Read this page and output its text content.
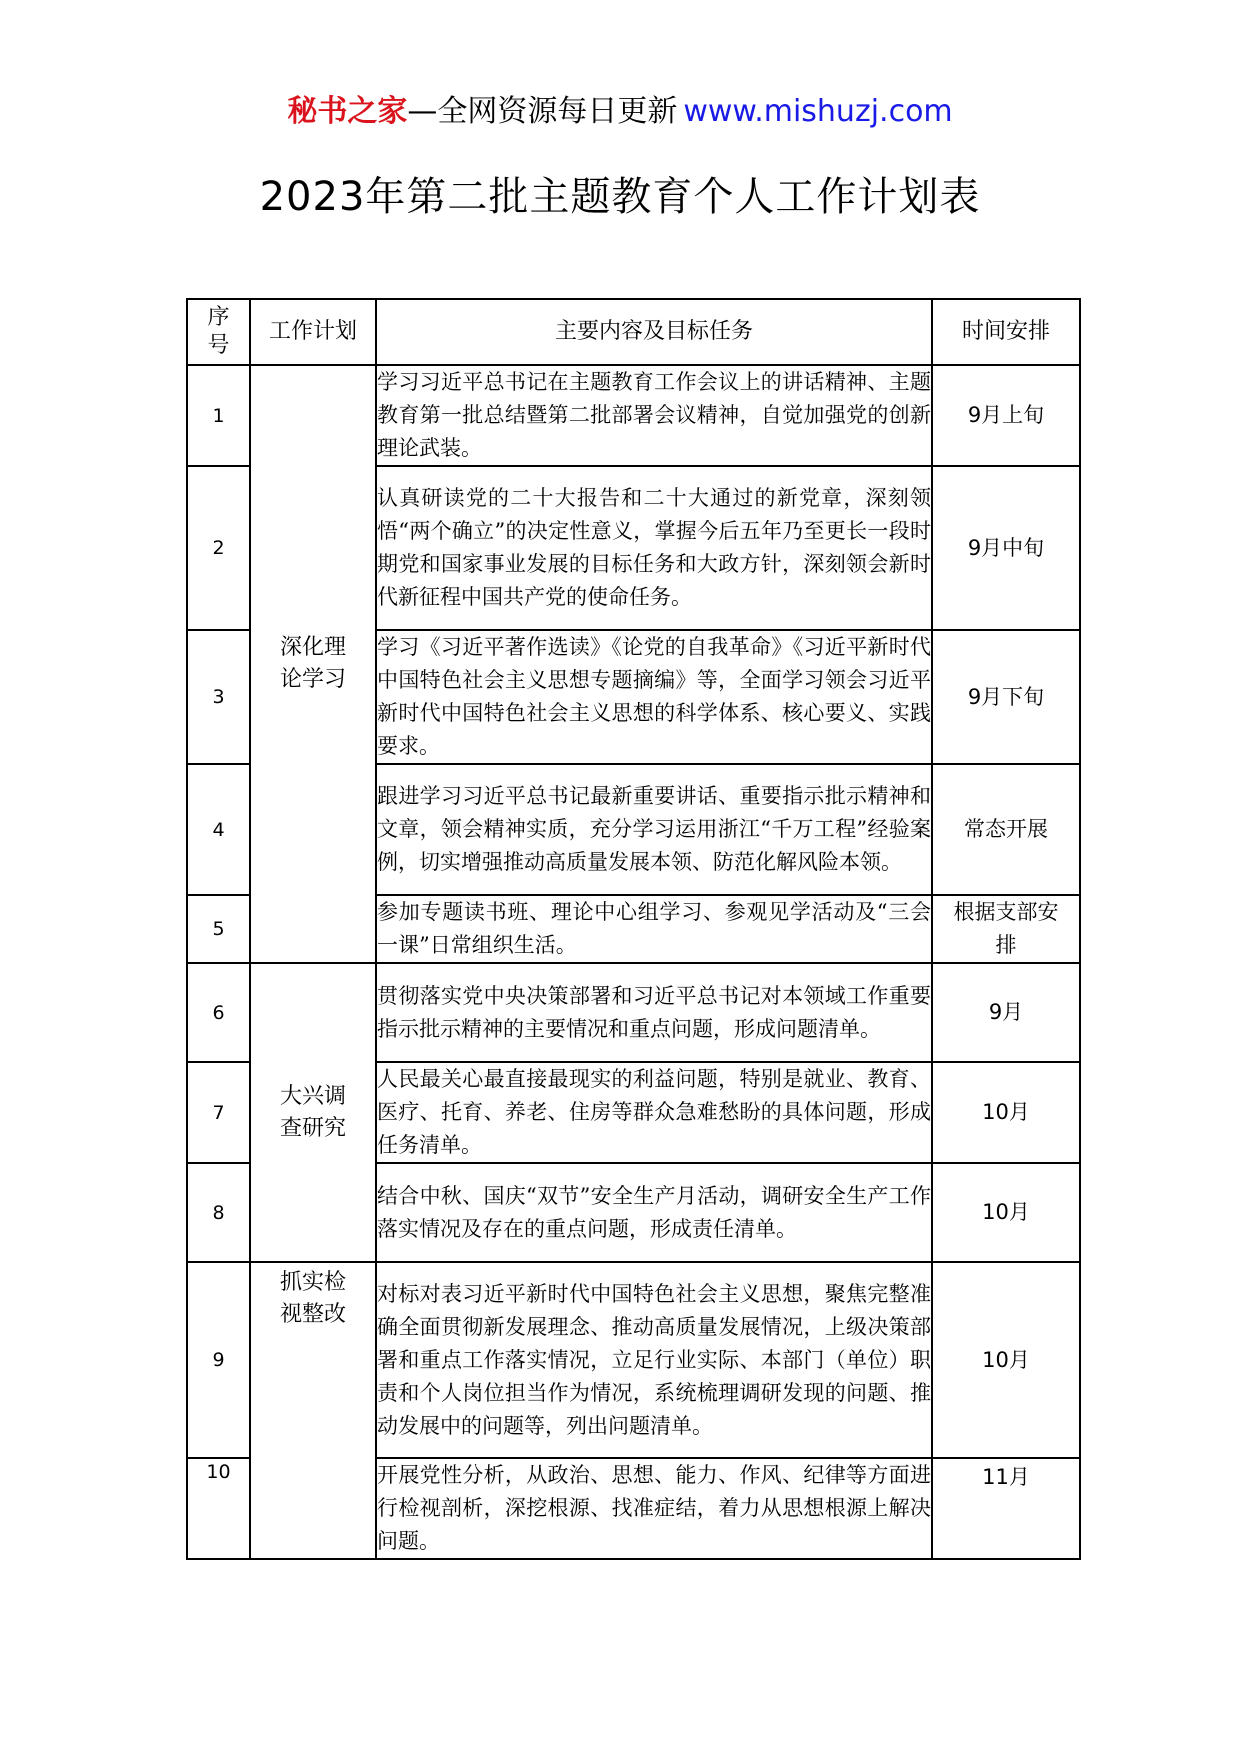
秘书之家—全网资源每日更新 www.mishuzj.com
2023年第二批主题教育个人工作计划表
序号	工作计划	主要内容及目标任务	时间安排
1	深化理论学习	学习习近平总书记在主题教育工作会议上的讲话精神、主题教育第一批总结暨第二批部署会议精神，自觉加强党的创新理论武装。	9月上旬
2		认真研读党的二十大报告和二十大通过的新党章，深刻领悟“两个确立”的决定性意义，掌握今后五年乃至更长一段时期党和国家事业发展的目标任务和大政方针，深刻领会新时代新征程中国共产党的使命任务。	9月中旬
3		学习《习近平著作选读》《论党的自我革命》《习近平新时代中国特色社会主义思想专题摘编》等，全面学习领会习近平新时代中国特色社会主义思想的科学体系、核心要义、实践要求。	9月下旬
4		跟进学习习近平总书记最新重要讲话、重要指示批示精神和文章，领会精神实质，充分学习运用浙江“千万工程”经验案例，切实增强推动高质量发展本领、防范化解风险本领。	常态开展
5		参加专题读书班、理论中心组学习、参观见学活动及“三会一课”日常组织生活。	根据支部安排
6	大兴调查研究	贯彻落实党中央决策部署和习近平总书记对本领域工作重要指示批示精神的主要情况和重点问题，形成问题清单。	9月
7		人民最关心最直接最现实的利益问题，特别是就业、教育、医疗、托育、养老、住房等群众急难愁盼的具体问题，形成任务清单。	10月
8		结合中秋、国庆“双节”安全生产月活动，调研安全生产工作落实情况及存在的重点问题，形成责任清单。	10月
9	抓实检视整改	对标对表习近平新时代中国特色社会主义思想，聚焦完整准确全面贯彻新发展理念、推动高质量发展情况，上级决策部署和重点工作落实情况，立足行业实际、本部门（单位）职责和个人岗位担当作为情况，系统梳理调研发现的问题、推动发展中的问题等，列出问题清单。	10月
10		开展党性分析，从政治、思想、能力、作风、纪律等方面进行检视剖析，深挖根源、找准症结，着力从思想根源上解决问题。	11月
